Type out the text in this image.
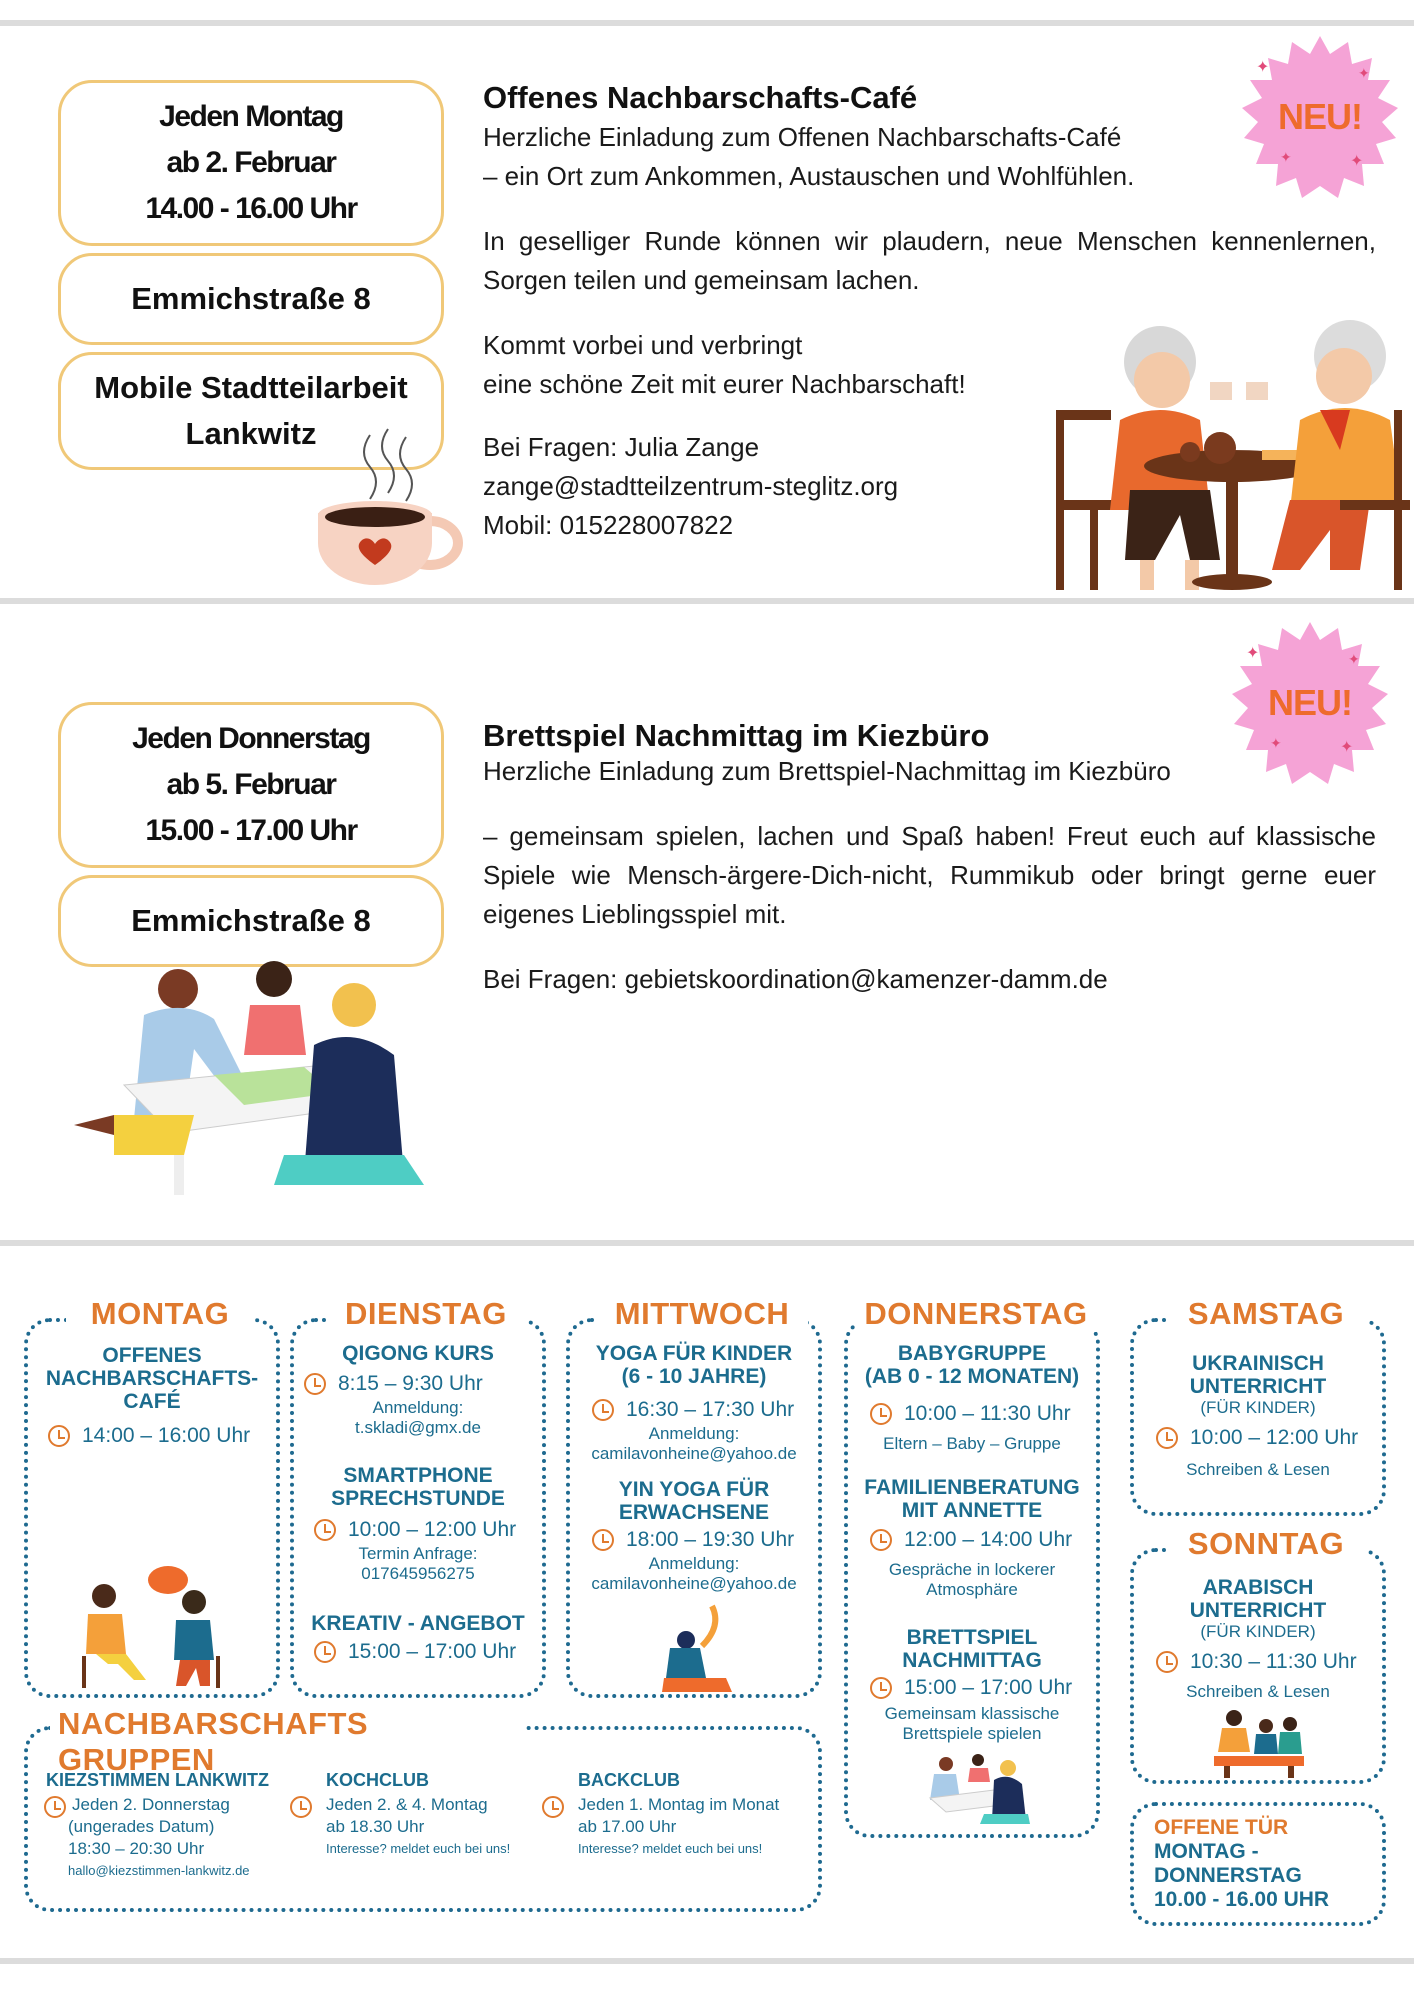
Jeden Montag
ab 2. Februar
14.00 - 16.00 Uhr
Emmichstraße 8
Mobile Stadtteilarbeit
Lankwitz
Offenes Nachbarschafts-Café

Herzliche Einladung zum Offenen Nachbarschafts-Café
– ein Ort zum Ankommen, Austauschen und Wohlfühlen.

In geselliger Runde können wir plaudern, neue Menschen kennenlernen, Sorgen teilen und gemeinsam lachen.

Kommt vorbei und verbringt
eine schöne Zeit mit eurer Nachbarschaft!

Bei Fragen: Julia Zange
zange@stadtteilzentrum-steglitz.org
Mobil: 015228007822

✦	✦
✦	✦
NEU!
Jeden Donnerstag
ab 5. Februar
15.00 - 17.00 Uhr
Emmichstraße 8
Brettspiel Nachmittag im Kiezbüro

Herzliche Einladung zum Brettspiel-Nachmittag im Kiezbüro

– gemeinsam spielen, lachen und Spaß haben! Freut euch auf klassische Spiele wie Mensch-ärgere-Dich-nicht, Rummikub oder bringt gerne euer eigenes Lieblingsspiel mit.

Bei Fragen: gebietskoordination@kamenzer-damm.de

✦	✦
✦	✦
NEU!
MONTAG
OFFENES
NACHBARSCHAFTS-
CAFÉ
14:00 – 16:00 Uhr
DIENSTAG
QIGONG KURS
8:15 – 9:30 Uhr
Anmeldung:
t.skladi@gmx.de
SMARTPHONE
SPRECHSTUNDE
10:00 – 12:00 Uhr
Termin Anfrage:
017645956275
KREATIV - ANGEBOT
15:00 – 17:00 Uhr
MITTWOCH
YOGA FÜR KINDER
(6 - 10 JAHRE)
16:30 – 17:30 Uhr
Anmeldung:
camilavonheine@yahoo.de
YIN YOGA FÜR
ERWACHSENE
18:00 – 19:30 Uhr
Anmeldung:
camilavonheine@yahoo.de
DONNERSTAG
BABYGRUPPE
(AB 0 - 12 MONATEN)
10:00 – 11:30 Uhr
Eltern – Baby – Gruppe
FAMILIENBERATUNG
MIT ANNETTE
12:00 – 14:00 Uhr
Gespräche in lockerer
Atmosphäre
BRETTSPIEL
NACHMITTAG
15:00 – 17:00 Uhr
Gemeinsam klassische
Brettspiele spielen
SAMSTAG
UKRAINISCH
UNTERRICHT
(FÜR KINDER)
10:00 – 12:00 Uhr
Schreiben & Lesen
SONNTAG
ARABISCH
UNTERRICHT
(FÜR KINDER)
10:30 – 11:30 Uhr
Schreiben & Lesen
OFFENE TÜR
MONTAG -
DONNERSTAG
10.00 - 16.00 UHR
NACHBARSCHAFTS GRUPPEN
KIEZSTIMMEN LANKWITZ
Jeden 2. Donnerstag
(ungerades Datum)
18:30 – 20:30 Uhr
hallo@kiezstimmen-lankwitz.de
KOCHCLUB
Jeden 2. & 4. Montag
ab 18.30 Uhr
Interesse? meldet euch bei uns!
BACKCLUB
Jeden 1. Montag im Monat
ab 17.00 Uhr
Interesse? meldet euch bei uns!
